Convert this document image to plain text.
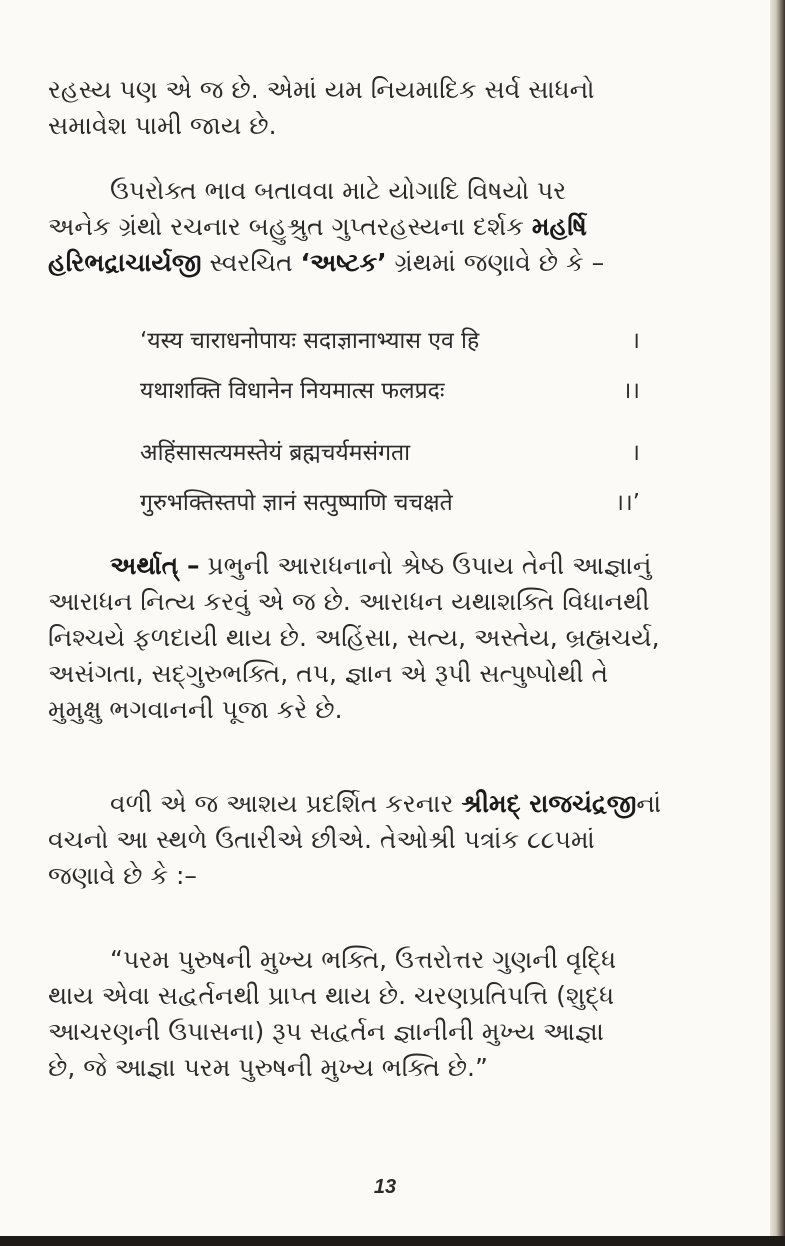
રહસ્ય પણ એ જ છે. એમાં યમ નિયમાદિક સર્વ સાધનો
સમાવેશ પામી જાય છે.

ઉપરોક્ત ભાવ બતાવવા માટે યોગાદિ વિષયો પર
અનેક ગ્રંથો રચનાર બહુશ્રુત ગુપ્તરહસ્યના દર્શક મહર્ષિ
હરિભદ્રાચાર્યજી સ્વરચિત ‘અષ્ટક’ ગ્રંથમાં જણાવે છે કે –

‘यस्य चाराधनोपायः सदाज्ञानाभ्यास एव हि	।
यथाशक्ति विधानेन नियमात्स फलप्रदः	।।
अहिंसासत्यमस्तेयं ब्रह्मचर्यमसंगता	।
गुरुभक्तिस्तपो ज्ञानं सत्पुष्पाणि चचक्षते	।।’

અર્થાત્ – પ્રભુની આરાધનાનો શ્રેષ્ઠ ઉપાય તેની આજ્ઞાનું
આરાધન નિત્ય કરવું એ જ છે. આરાધન યથાશક્તિ વિધાનથી
નિશ્ચયે ફળદાયી થાય છે. અહિંસા, સત્ય, અસ્તેય, બ્રહ્મચર્ય,
અસંગતા, સદ્ગુરુભક્તિ, તપ, જ્ઞાન એ રૂપી સત્પુષ્પોથી તે
મુમુક્ષુ ભગવાનની પૂજા કરે છે.

વળી એ જ આશય પ્રદર્શિત કરનાર શ્રીમદ્ રાજચંદ્રજીનાં
વચનો આ સ્થળે ઉતારીએ છીએ. તેઓશ્રી પત્રાંક ૮૮૫માં
જણાવે છે કે :–

“પરમ પુરુષની મુખ્ય ભક્તિ, ઉત્તરોત્તર ગુણની વૃદ્ધિ
થાય એવા સદ્વર્તનથી પ્રાપ્ત થાય છે. ચરણપ્રતિપત્તિ (શુદ્ધ
આચરણની ઉપાસના) રૂપ સદ્વર્તન જ્ઞાનીની મુખ્ય આજ્ઞા
છે, જે આજ્ઞા પરમ પુરુષની મુખ્ય ભક્તિ છે.”

13
